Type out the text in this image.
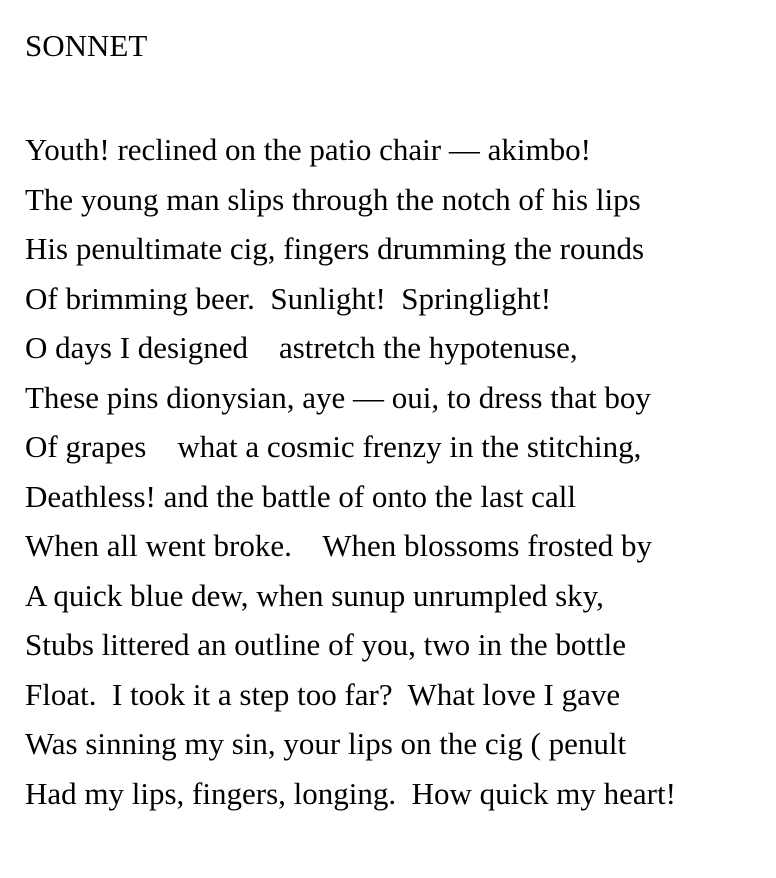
SONNET

Youth! reclined on the patio chair — akimbo!

The young man slips through the notch of his lips

His penultimate cig, fingers drumming the rounds

Of brimming beer.  Sunlight!  Springlight!

O days I designed    astretch the hypotenuse,

These pins dionysian, aye — oui, to dress that boy

Of grapes    what a cosmic frenzy in the stitching,

Deathless! and the battle of onto the last call

When all went broke.    When blossoms frosted by

A quick blue dew, when sunup unrumpled sky,

Stubs littered an outline of you, two in the bottle

Float.  I took it a step too far?  What love I gave

Was sinning my sin, your lips on the cig ( penult

Had my lips, fingers, longing.  How quick my heart!
